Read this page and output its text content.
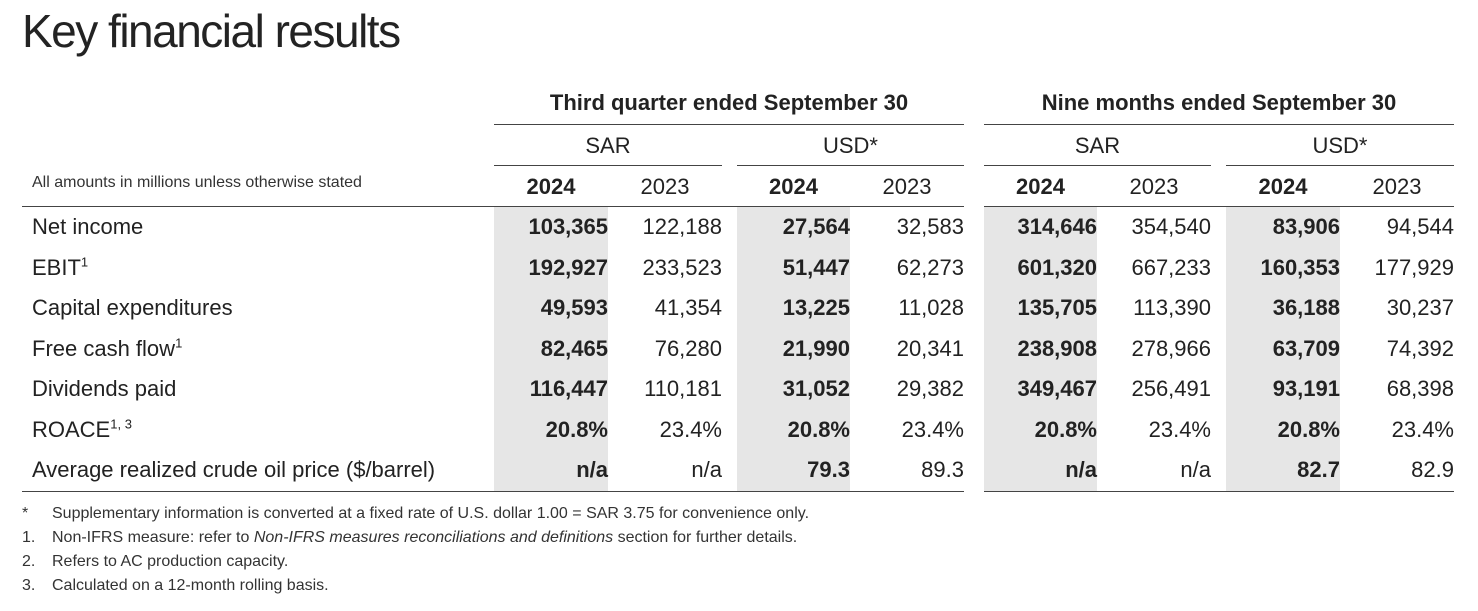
Key financial results
Third quarter ended September 30	Nine months ended September 30
SAR	USD*	SAR	USD*
All amounts in millions unless otherwise stated	2024	2023	2024	2023	2024	2023	2024	2023
Net income	103,365	122,188		27,564	32,583		314,646	354,540		83,906	94,544
EBIT$^1$	192,927	233,523		51,447	62,273		601,320	667,233		160,353	177,929
Capital expenditures	49,593	41,354		13,225	11,028		135,705	113,390		36,188	30,237
Free cash flow$^1$	82,465	76,280		21,990	20,341		238,908	278,966		63,709	74,392
Dividends paid	116,447	110,181		31,052	29,382		349,467	256,491		93,191	68,398
ROACE$^{1, 3}$	20.8%	23.4%		20.8%	23.4%		20.8%	23.4%		20.8%	23.4%
Average realized crude oil price ($/barrel)	n/a	n/a		79.3	89.3		n/a	n/a		82.7	82.9
* Supplementary information is converted at a fixed rate of U.S. dollar 1.00 = SAR 3.75 for convenience only.
1. Non-IFRS measure: refer to Non-IFRS measures reconciliations and definitions section for further details.
2. Refers to AC production capacity.
3. Calculated on a 12-month rolling basis.
